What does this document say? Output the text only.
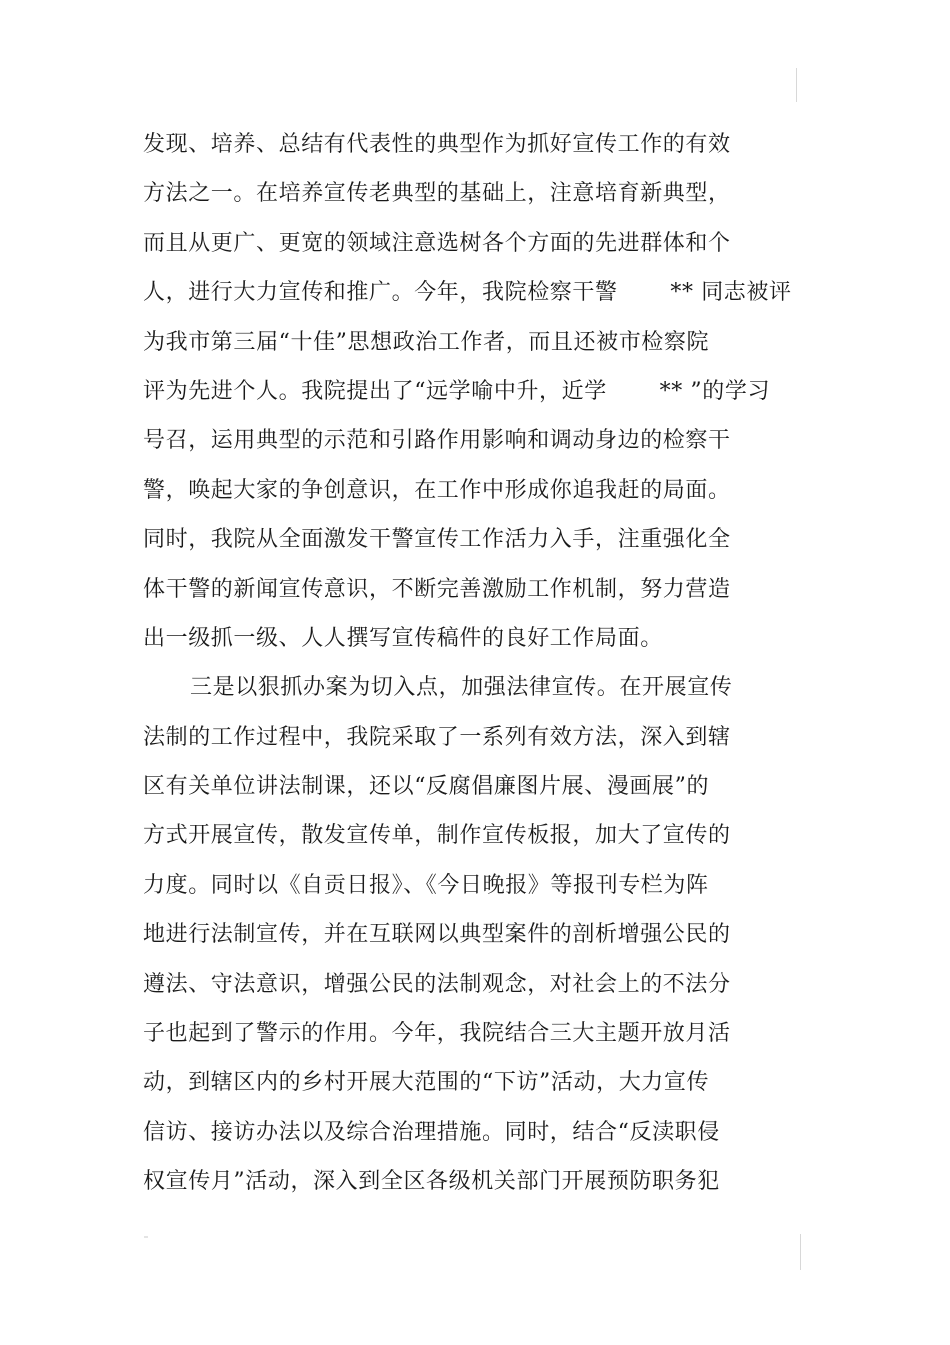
发现、培养、总结有代表性的典型作为抓好宣传工作的有效
方法之一。在培养宣传老典型的基础上，注意培育新典型，
而且从更广、更宽的领域注意选树各个方面的先进群体和个
人，进行大力宣传和推广。今年，我院检察干警　　 ** 同志被评
为我市第三届“十佳”思想政治工作者，而且还被市检察院
评为先进个人。我院提出了“远学喻中升，近学　　 ** ”的学习
号召，运用典型的示范和引路作用影响和调动身边的检察干
警，唤起大家的争创意识，在工作中形成你追我赶的局面。
同时，我院从全面激发干警宣传工作活力入手，注重强化全
体干警的新闻宣传意识，不断完善激励工作机制，努力营造
出一级抓一级、人人撰写宣传稿件的良好工作局面。
三是以狠抓办案为切入点，加强法律宣传。在开展宣传
法制的工作过程中，我院采取了一系列有效方法，深入到辖
区有关单位讲法制课，还以“反腐倡廉图片展、漫画展”的
方式开展宣传，散发宣传单，制作宣传板报，加大了宣传的
力度。同时以《自贡日报》、《今日晚报》等报刊专栏为阵
地进行法制宣传，并在互联网以典型案件的剖析增强公民的
遵法、守法意识，增强公民的法制观念，对社会上的不法分
子也起到了警示的作用。今年，我院结合三大主题开放月活
动，到辖区内的乡村开展大范围的“下访”活动，大力宣传
信访、接访办法以及综合治理措施。同时，结合“反渎职侵
权宣传月”活动，深入到全区各级机关部门开展预防职务犯
